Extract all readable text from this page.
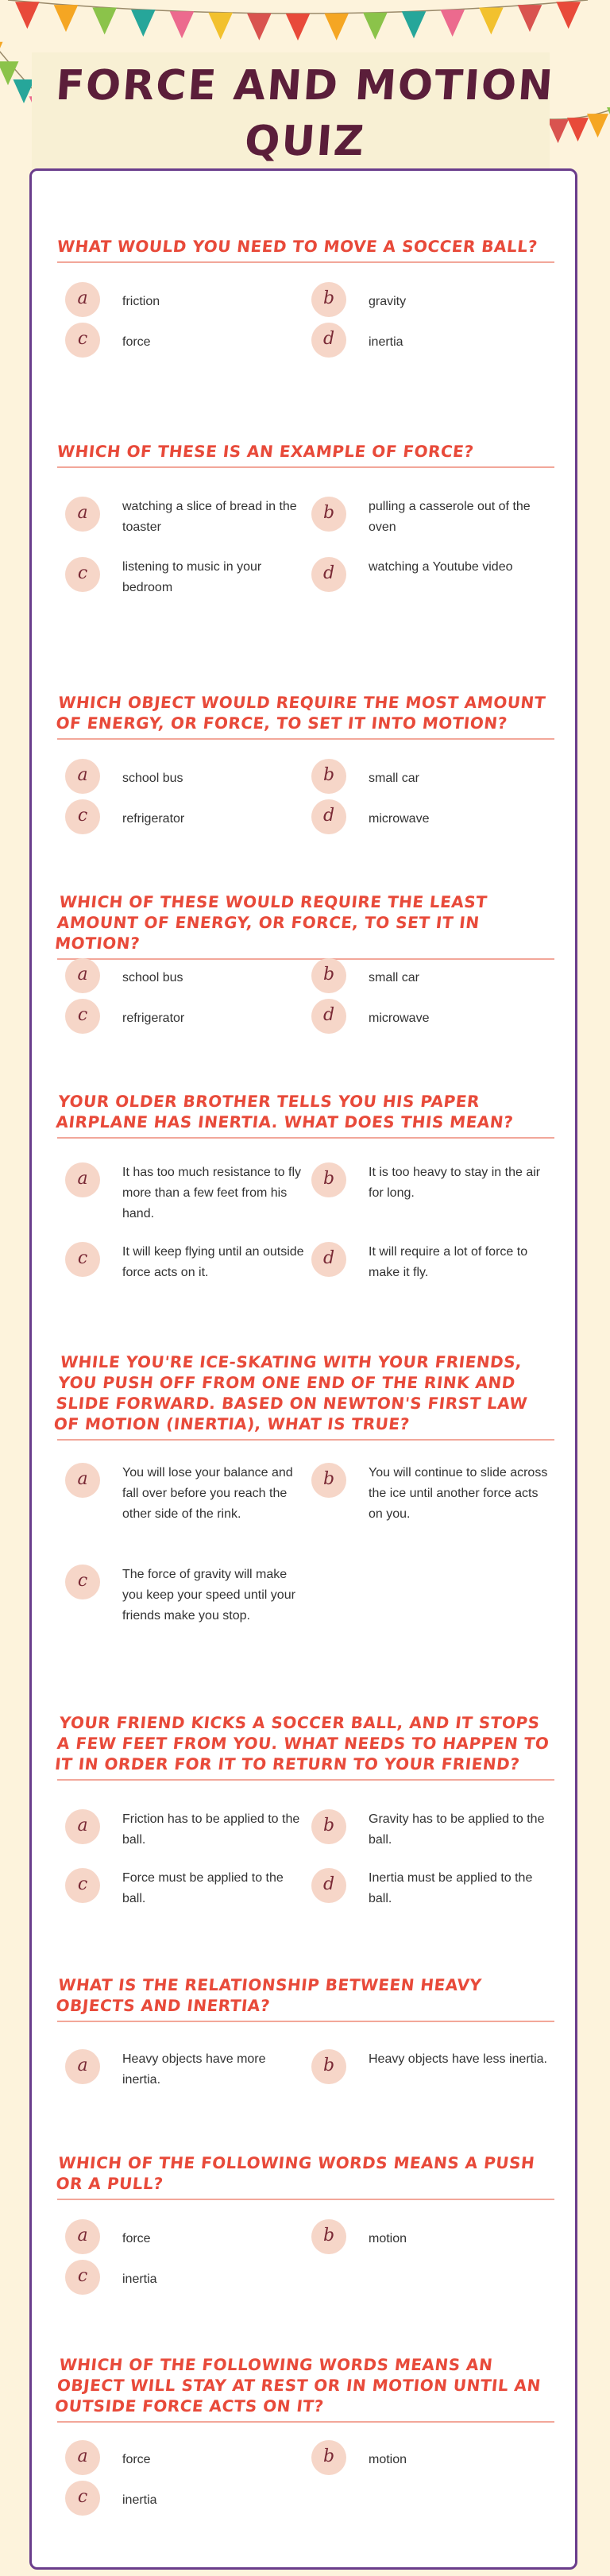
FORCE AND MOTION
QUIZ

WHAT WOULD YOU NEED TO MOVE A SOCCER BALL?

a	friction	b	gravity
c	force	d	inertia

WHICH OF THESE IS AN EXAMPLE OF FORCE?

a	watching a slice of bread in the toaster
b	pulling a casserole out of the oven
c	listening to music in your bedroom
d	watching a Youtube video

WHICH OBJECT WOULD REQUIRE THE MOST AMOUNT OF ENERGY, OR FORCE, TO SET IT INTO MOTION?

a	school bus	b	small car
c	refrigerator	d	microwave

WHICH OF THESE WOULD REQUIRE THE LEAST AMOUNT OF ENERGY, OR FORCE, TO SET IT IN MOTION?

a	school bus	b	small car
c	refrigerator	d	microwave

YOUR OLDER BROTHER TELLS YOU HIS PAPER AIRPLANE HAS INERTIA. WHAT DOES THIS MEAN?

a	It has too much resistance to fly more than a few feet from his hand.
b	It is too heavy to stay in the air for long.
c	It will keep flying until an outside force acts on it.
d	It will require a lot of force to make it fly.

WHILE YOU'RE ICE-SKATING WITH YOUR FRIENDS, YOU PUSH OFF FROM ONE END OF THE RINK AND SLIDE FORWARD. BASED ON NEWTON'S FIRST LAW OF MOTION (INERTIA), WHAT IS TRUE?

a	You will lose your balance and fall over before you reach the other side of the rink.
b	You will continue to slide across the ice until another force acts on you.
c	The force of gravity will make you keep your speed until your friends make you stop.

YOUR FRIEND KICKS A SOCCER BALL, AND IT STOPS A FEW FEET FROM YOU. WHAT NEEDS TO HAPPEN TO IT IN ORDER FOR IT TO RETURN TO YOUR FRIEND?

a	Friction has to be applied to the ball.
b	Gravity has to be applied to the ball.
c	Force must be applied to the ball.
d	Inertia must be applied to the ball.

WHAT IS THE RELATIONSHIP BETWEEN HEAVY OBJECTS AND INERTIA?

a	Heavy objects have more inertia.
b	Heavy objects have less inertia.

WHICH OF THE FOLLOWING WORDS MEANS A PUSH OR A PULL?

a	force	b	motion
c	inertia

WHICH OF THE FOLLOWING WORDS MEANS AN OBJECT WILL STAY AT REST OR IN MOTION UNTIL AN OUTSIDE FORCE ACTS ON IT?

a	force	b	motion
c	inertia
